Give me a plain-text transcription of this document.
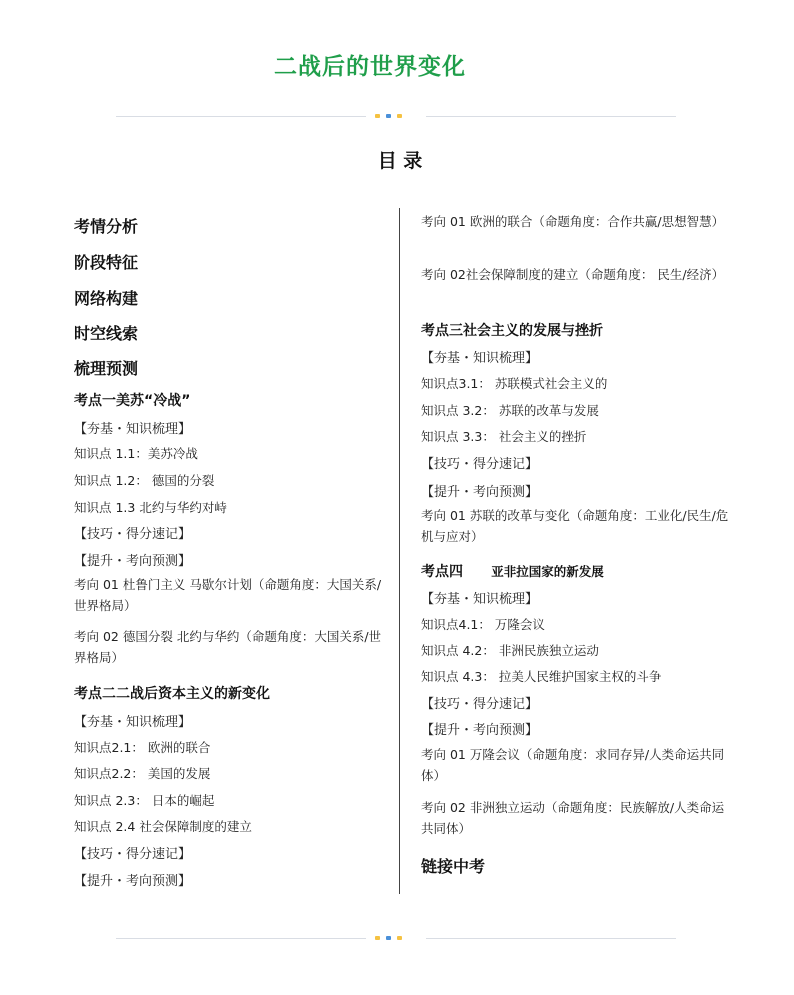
二战后的世界变化
目 录
考情分析
阶段特征
网络构建
时空线索
梳理预测
考点一美苏“冷战”
【夯基・知识梳理】
知识点 1.1：美苏冷战
知识点 1.2： 德国的分裂
知识点 1.3 北约与华约对峙
【技巧・得分速记】
【提升・考向预测】
考向 01 杜鲁门主义 马歇尔计划（命题角度：大国关系/世界格局）
考向 02 德国分裂 北约与华约（命题角度：大国关系/世界格局）
考点二二战后资本主义的新变化
【夯基・知识梳理】
知识点2.1： 欧洲的联合
知识点2.2： 美国的发展
知识点 2.3： 日本的崛起
知识点 2.4 社会保障制度的建立
【技巧・得分速记】
【提升・考向预测】
考向 01 欧洲的联合（命题角度：合作共赢/思想智慧）
考向 02社会保障制度的建立（命题角度： 民生/经济）
考点三社会主义的发展与挫折
【夯基・知识梳理】
知识点3.1： 苏联模式社会主义的
知识点 3.2： 苏联的改革与发展
知识点 3.3： 社会主义的挫折
【技巧・得分速记】
【提升・考向预测】
考向 01 苏联的改革与变化（命题角度：工业化/民生/危机与应对）
考点四 亚非拉国家的新发展
【夯基・知识梳理】
知识点4.1： 万隆会议
知识点 4.2： 非洲民族独立运动
知识点 4.3： 拉美人民维护国家主权的斗争
【技巧・得分速记】
【提升・考向预测】
考向 01 万隆会议（命题角度：求同存异/人类命运共同体）
考向 02 非洲独立运动（命题角度：民族解放/人类命运共同体）
链接中考
